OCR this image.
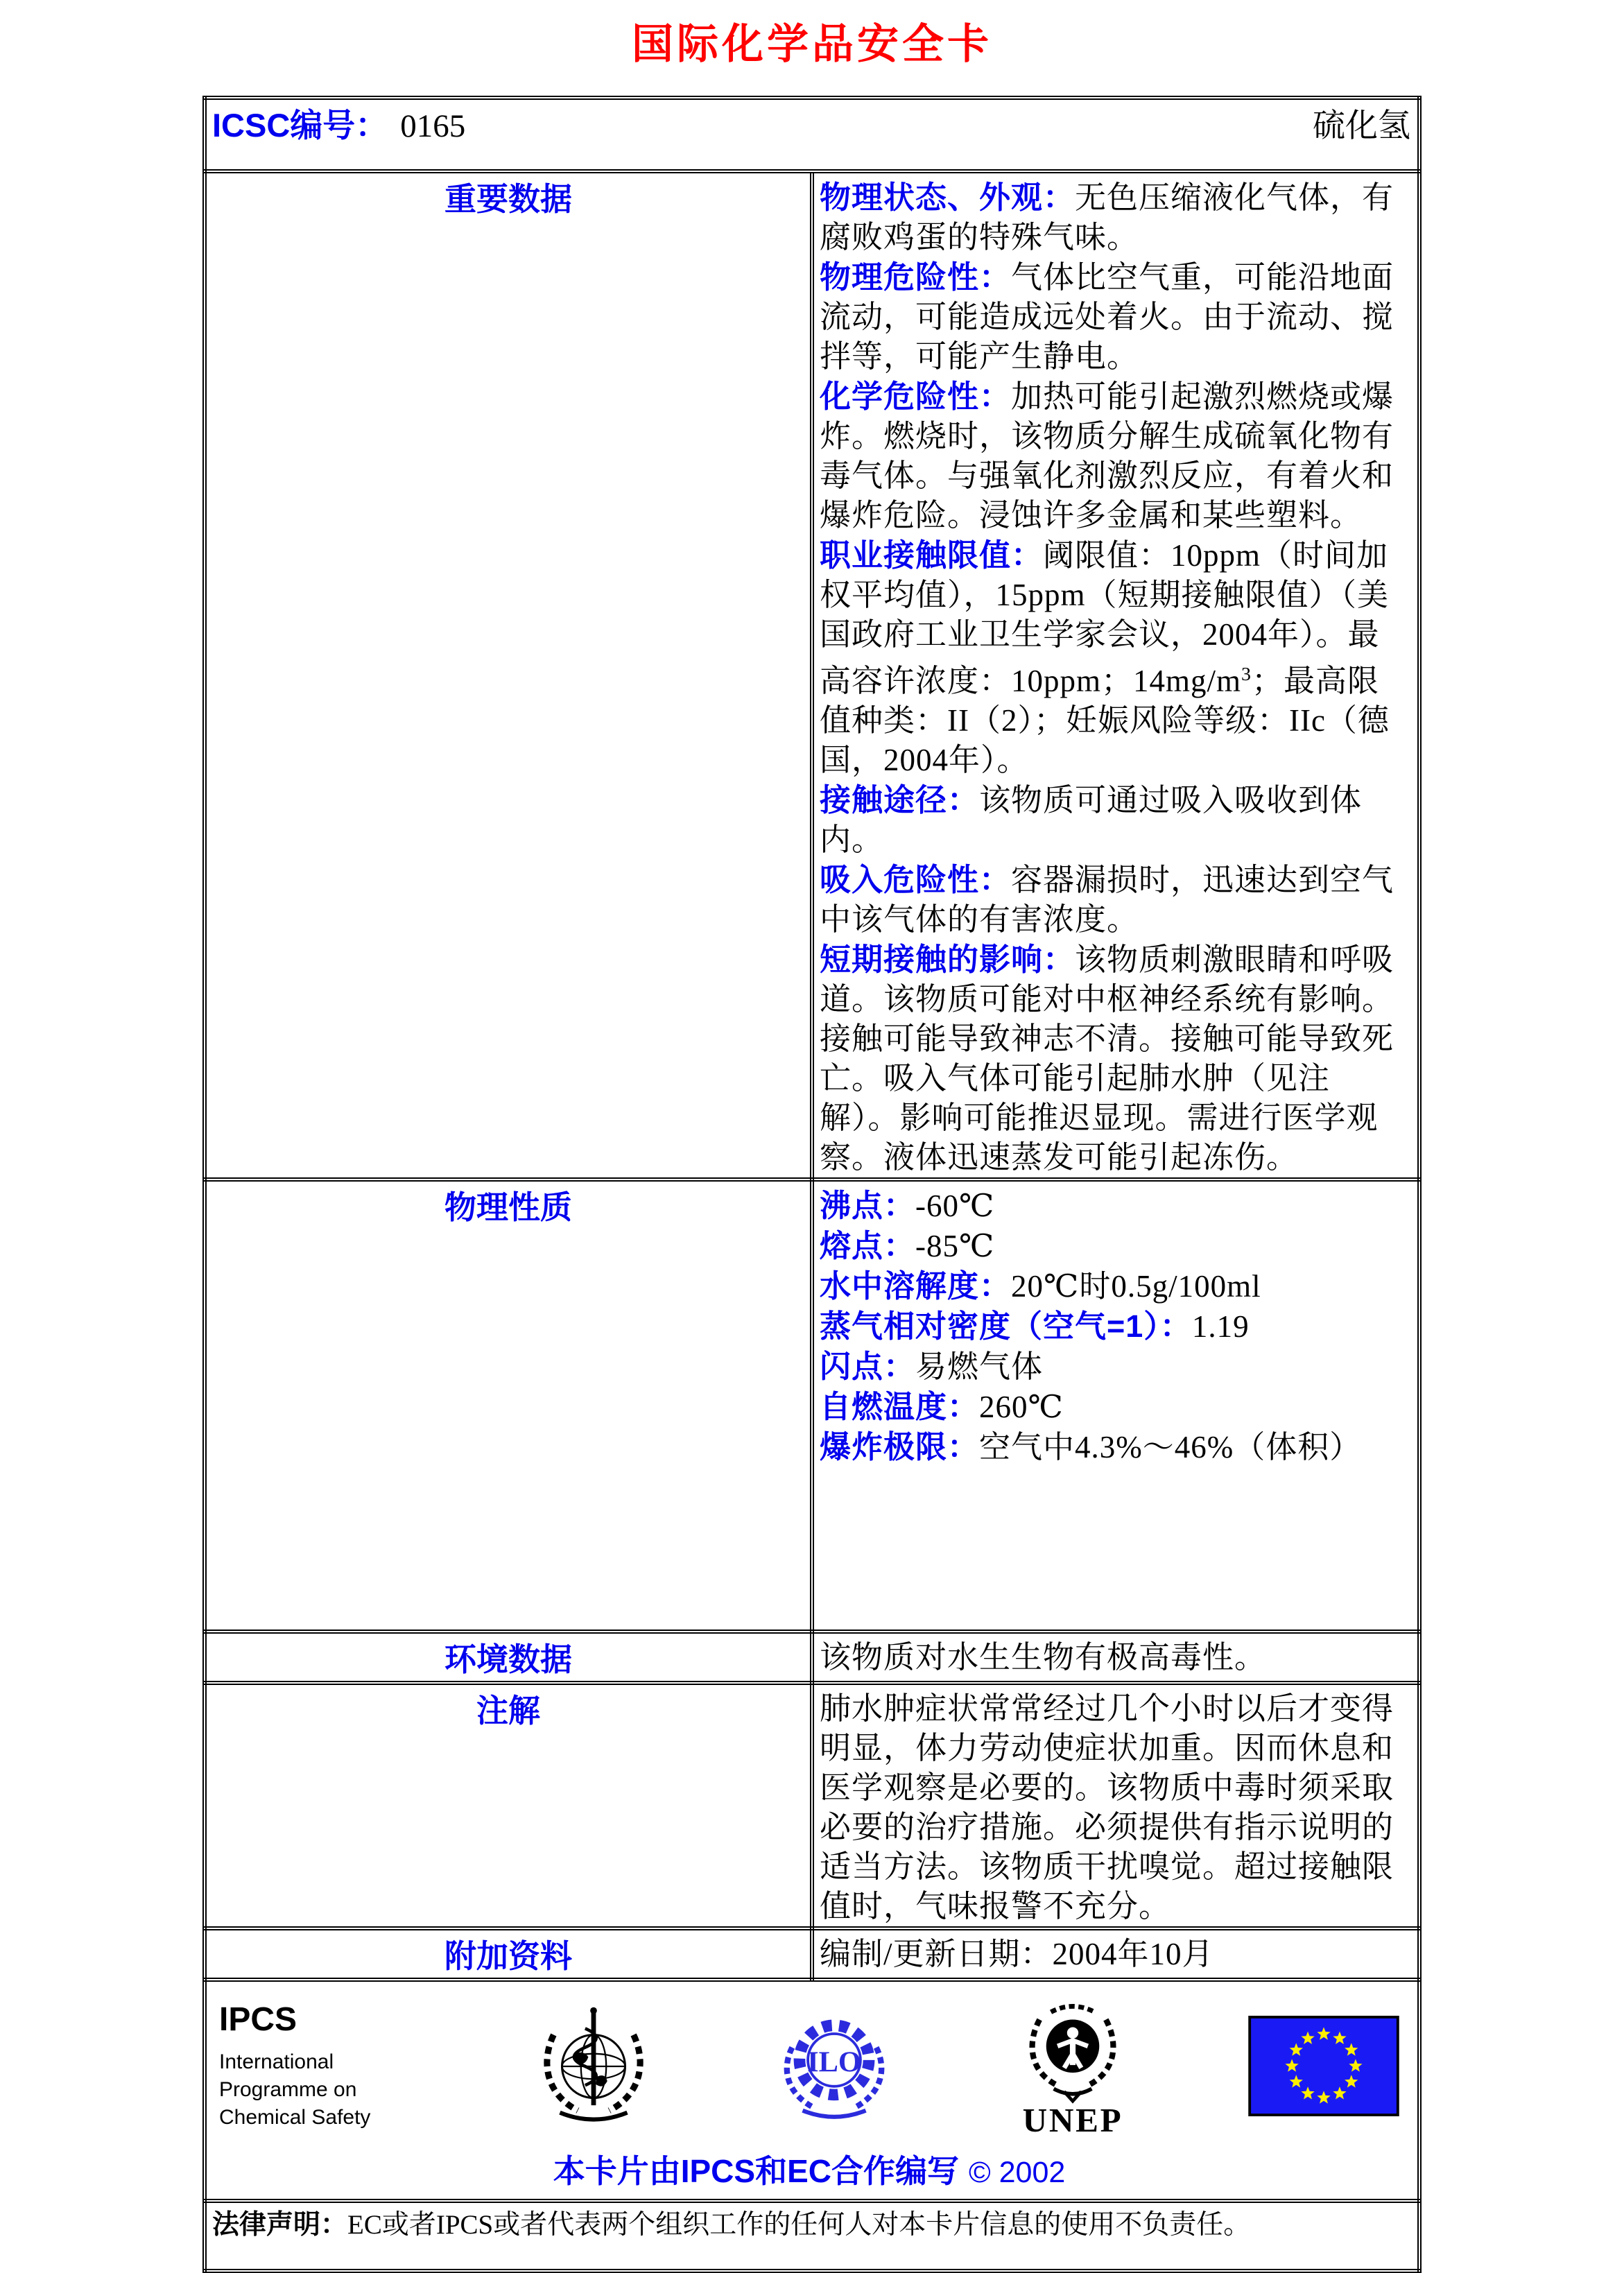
国际化学品安全卡
ICSC编号： 0165 硫化氢	

重要数据	物理状态、外观：无色压缩液化气体，有腐败鸡蛋的特殊气味。

物理危险性：气体比空气重，可能沿地面流动，可能造成远处着火。由于流动、搅拌等，可能产生静电。

化学危险性：加热可能引起激烈燃烧或爆炸。燃烧时，该物质分解生成硫氧化物有毒气体。与强氧化剂激烈反应，有着火和爆炸危险。浸蚀许多金属和某些塑料。

职业接触限值：阈限值：10ppm（时间加权平均值），15ppm（短期接触限值）（美国政府工业卫生学家会议，2004年）。最高容许浓度：10ppm；$14mg/m^3$；最高限值种类：II（2）；妊娠风险等级：IIc（德国，2004年）。

接触途径：该物质可通过吸入吸收到体内。

吸入危险性：容器漏损时，迅速达到空气中该气体的有害浓度。

短期接触的影响：该物质刺激眼睛和呼吸道。该物质可能对中枢神经系统有影响。接触可能导致神志不清。接触可能导致死亡。吸入气体可能引起肺水肿（见注解）。影响可能推迟显现。需进行医学观察。液体迅速蒸发可能引起冻伤。

物理性质	沸点：-60℃

熔点：-85℃

水中溶解度：20℃时0.5g/100ml

蒸气相对密度（空气=1）：1.19

闪点：易燃气体

自燃温度：260℃

爆炸极限：空气中4.3%～46%（体积）

环境数据	该物质对水生生物有极高毒性。
注解	肺水肿症状常常经过几个小时以后才变得明显，体力劳动使症状加重。因而休息和医学观察是必要的。该物质中毒时须采取必要的治疗措施。必须提供有指示说明的适当方法。该物质干扰嗅觉。超过接触限值时，气味报警不充分。
附加资料	编制/更新日期：2004年10月

IPCS
International
Programme on
Chemical Safety
ILO
UNEP
本卡片由IPCS和EC合作编写 © 2002

法律声明：EC或者IPCS或者代表两个组织工作的任何人对本卡片信息的使用不负责任。	
